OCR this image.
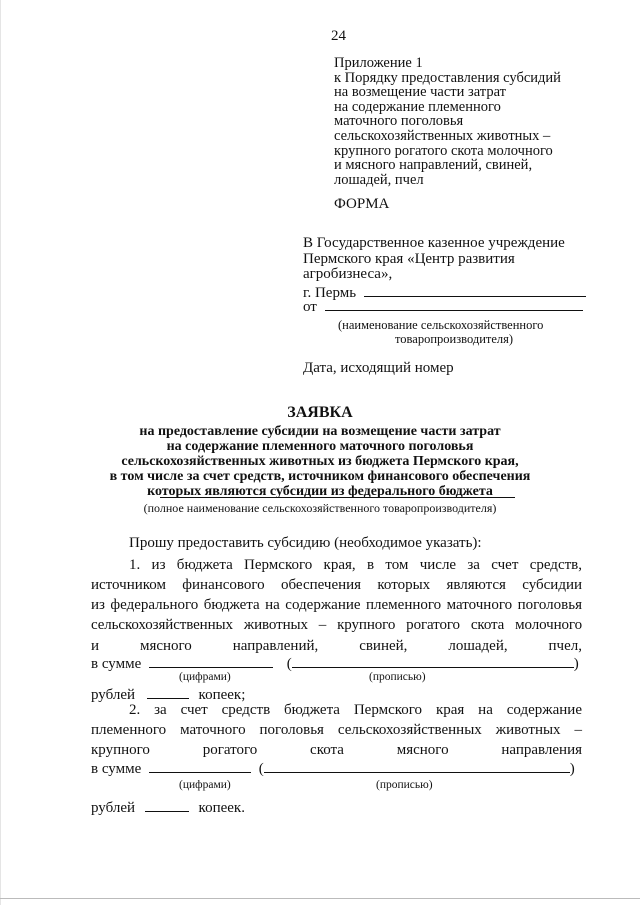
24
Приложение 1
к Порядку предоставления субсидий
на возмещение части затрат
на содержание племенного
маточного поголовья
сельскохозяйственных животных –
крупного рогатого скота молочного
и мясного направлений, свиней,
лошадей, пчел
ФОРМА
В Государственное казенное учреждение
Пермского края «Центр развития
агробизнеса»,
г. Пермь
от
(наименование сельскохозяйственного
товаропроизводителя)
Дата, исходящий номер
ЗАЯВКА
на предоставление субсидии на возмещение части затрат
на содержание племенного маточного поголовья
сельскохозяйственных животных из бюджета Пермского края,
в том числе за счет средств, источником финансового обеспечения
которых являются субсидии из федерального бюджета
(полное наименование сельскохозяйственного товаропроизводителя)
Прошу предоставить субсидию (необходимое указать):
1. из бюджета Пермского края, в том числе за счет средств,
источником финансового обеспечения которых являются субсидии
из федерального бюджета на содержание племенного маточного поголовья
сельскохозяйственных животных – крупного рогатого скота молочного
и мясного направлений, свиней, лошадей, пчел,
в сумме	(	)
(цифрами)	(прописью)
рублей	копеек;
2. за счет средств бюджета Пермского края на содержание
племенного маточного поголовья сельскохозяйственных животных –
крупного рогатого скота мясного направления
в сумме	(	)
(цифрами)	(прописью)
рублей	копеек.
